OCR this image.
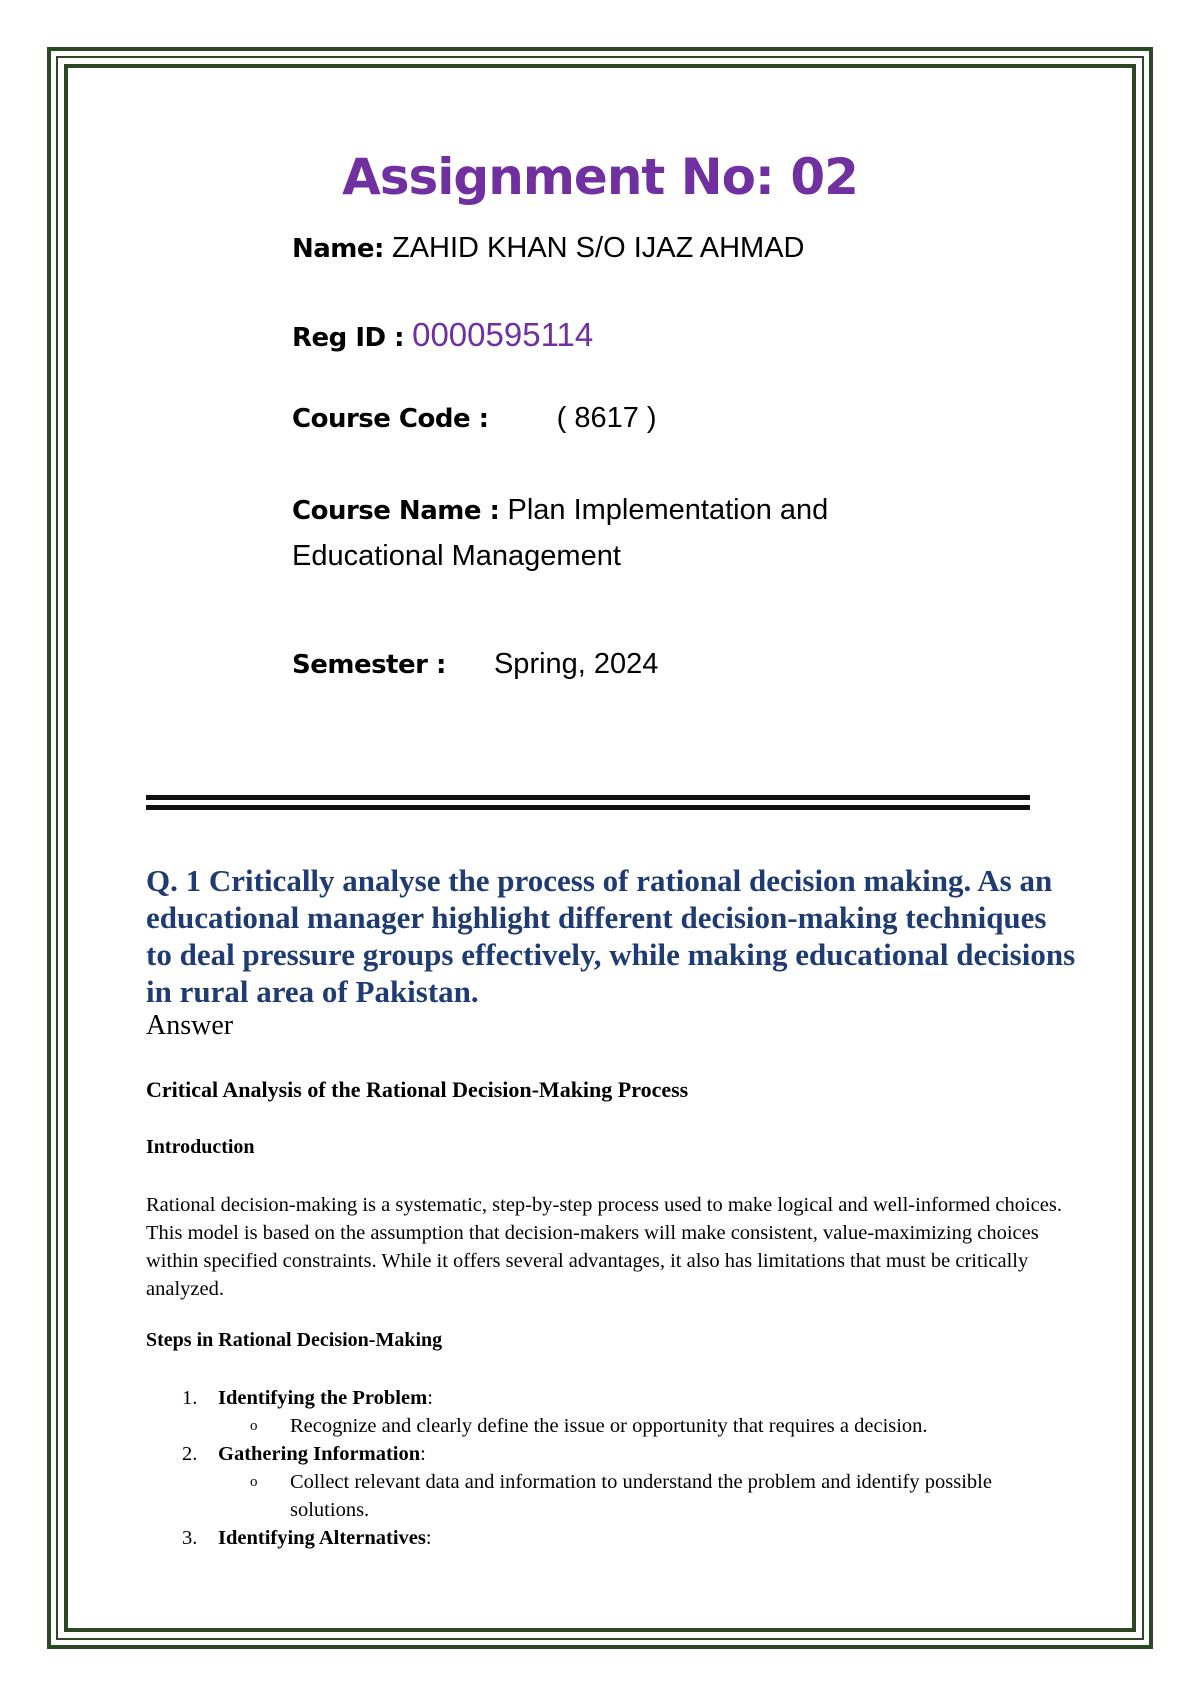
Assignment No: 02
Name: ZAHID KHAN S/O IJAZ AHMAD
Reg ID : 0000595114
Course Code : ( 8617 )
Course Name : Plan Implementation and
Educational Management
Semester : Spring, 2024
Q. 1 Critically analyse the process of rational decision making. As an educational manager highlight different decision-making techniques to deal pressure groups effectively, while making educational decisions in rural area of Pakistan.
Answer
Critical Analysis of the Rational Decision-Making Process
Introduction
Rational decision-making is a systematic, step-by-step process used to make logical and well-informed choices. This model is based on the assumption that decision-makers will make consistent, value-maximizing choices within specified constraints. While it offers several advantages, it also has limitations that must be critically analyzed.
Steps in Rational Decision-Making
1. Identifying the Problem:
o Recognize and clearly define the issue or opportunity that requires a decision.
2. Gathering Information:
o Collect relevant data and information to understand the problem and identify possible solutions.
3. Identifying Alternatives:
